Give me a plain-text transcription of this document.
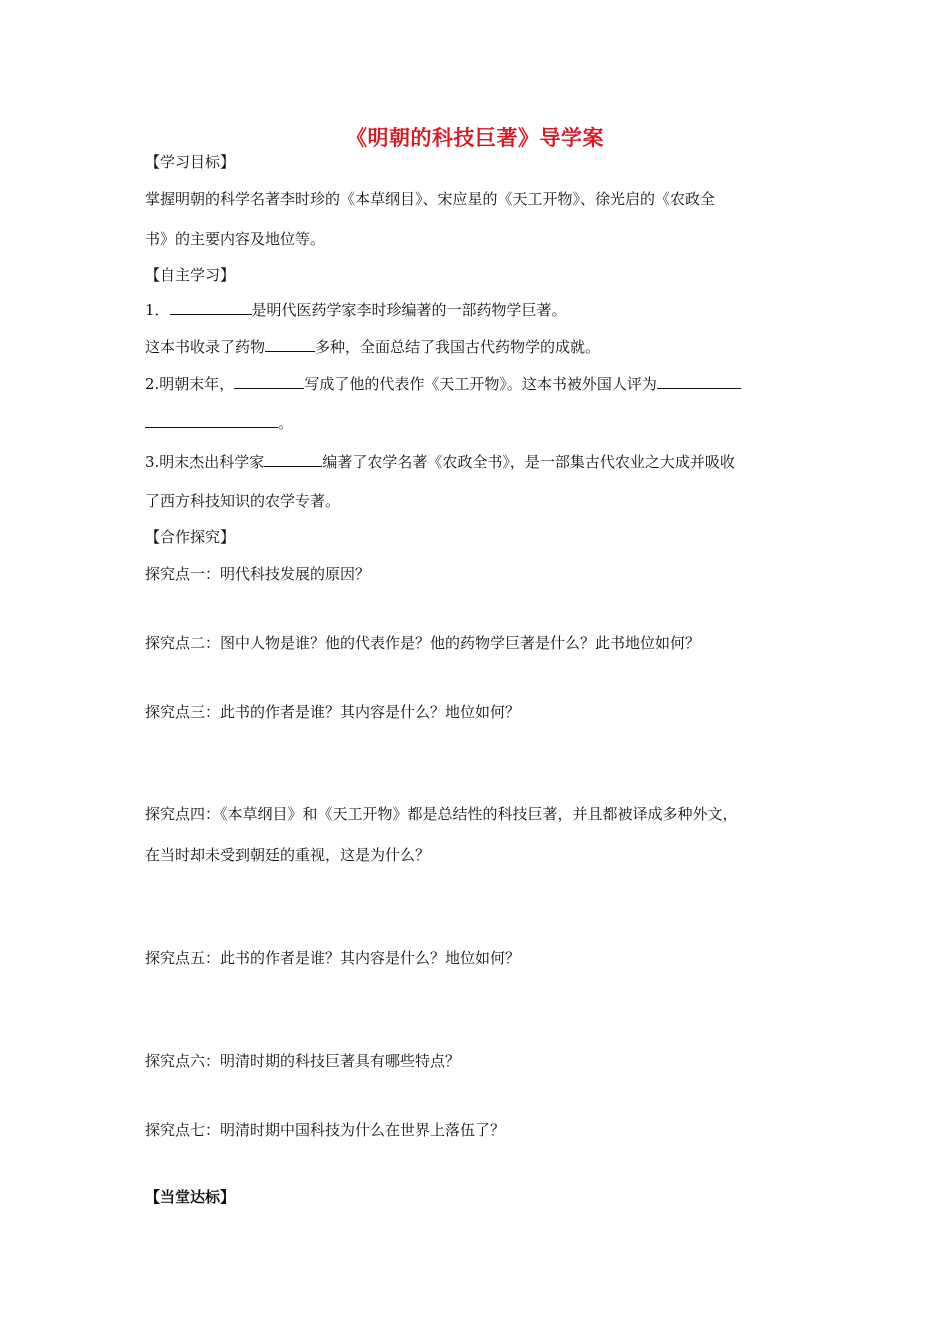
《明朝的科技巨著》导学案
【学习目标】
掌握明朝的科学名著李时珍的《本草纲目》、宋应星的《天工开物》、徐光启的《农政全
书》的主要内容及地位等。
【自主学习】
1．	是明代医药学家李时珍编著的一部药物学巨著。
这本书收录了药物	多种，全面总结了我国古代药物学的成就。
2.明朝末年，	写成了他的代表作《天工开物》。这本书被外国人评为
。
3.明末杰出科学家	编著了农学名著《农政全书》，是一部集古代农业之大成并吸收
了西方科技知识的农学专著。
【合作探究】
探究点一：明代科技发展的原因？
探究点二：图中人物是谁？他的代表作是？他的药物学巨著是什么？此书地位如何？
探究点三：此书的作者是谁？其内容是什么？地位如何？
探究点四：《本草纲目》和《天工开物》都是总结性的科技巨著，并且都被译成多种外文，
在当时却未受到朝廷的重视，这是为什么？
探究点五：此书的作者是谁？其内容是什么？地位如何？
探究点六：明清时期的科技巨著具有哪些特点？
探究点七：明清时期中国科技为什么在世界上落伍了？
【当堂达标】
